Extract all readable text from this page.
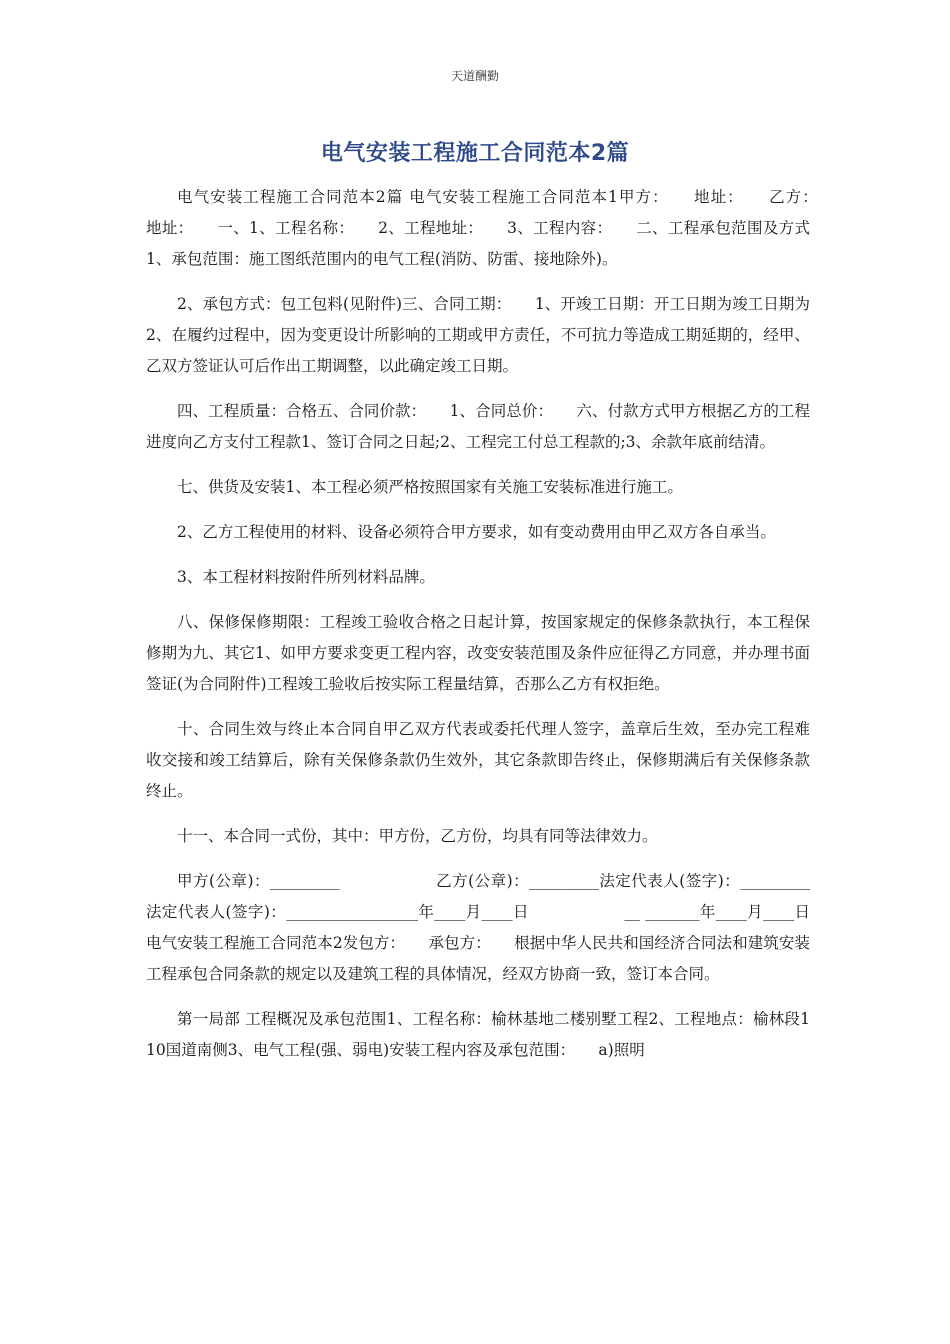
天道酬勤
电气安装工程施工合同范本2篇

电气安装工程施工合同范本2篇 电气安装工程施工合同范本1甲方：　　地址：　　乙方：　　地址：　　一、1、工程名称：　　2、工程地址：　　3、工程内容：　　二、工程承包范围及方式1、承包范围：施工图纸范围内的电气工程(消防、防雷、接地除外)。

2、承包方式：包工包料(见附件)三、合同工期：　　1、开竣工日期：开工日期为竣工日期为2、在履约过程中，因为变更设计所影响的工期或甲方责任，不可抗力等造成工期延期的，经甲、乙双方签证认可后作出工期调整，以此确定竣工日期。

四、工程质量：合格五、合同价款：　　1、合同总价：　　六、付款方式甲方根据乙方的工程进度向乙方支付工程款1、签订合同之日起;2、工程完工付总工程款的;3、余款年底前结清。

七、供货及安装1、本工程必须严格按照国家有关施工安装标准进行施工。

2、乙方工程使用的材料、设备必须符合甲方要求，如有变动费用由甲乙双方各自承当。

3、本工程材料按附件所列材料品牌。

八、保修保修期限：工程竣工验收合格之日起计算，按国家规定的保修条款执行，本工程保修期为九、其它1、如甲方要求变更工程内容，改变安装范围及条件应征得乙方同意，并办理书面签证(为合同附件)工程竣工验收后按实际工程量结算，否那么乙方有权拒绝。

十、合同生效与终止本合同自甲乙双方代表或委托代理人签字，盖章后生效，至办完工程难收交接和竣工结算后，除有关保修条款仍生效外，其它条款即告终止，保修期满后有关保修条款终止。

十一、本合同一式份，其中：甲方份，乙方份，均具有同等法律效力。

甲方(公章)：_________　　　　　　乙方(公章)：_________法定代表人(签字)：_________　　　　法定代表人(签字)：_________________年____月____日　　　　　　__ _______年____月____日电气安装工程施工合同范本2发包方：　　承包方：　　根据中华人民共和国经济合同法和建筑安装工程承包合同条款的规定以及建筑工程的具体情况，经双方协商一致，签订本合同。

第一局部 工程概况及承包范围1、工程名称：榆林基地二楼别墅工程2、工程地点：榆林段110国道南侧3、电气工程(强、弱电)安装工程内容及承包范围：　　a)照明
